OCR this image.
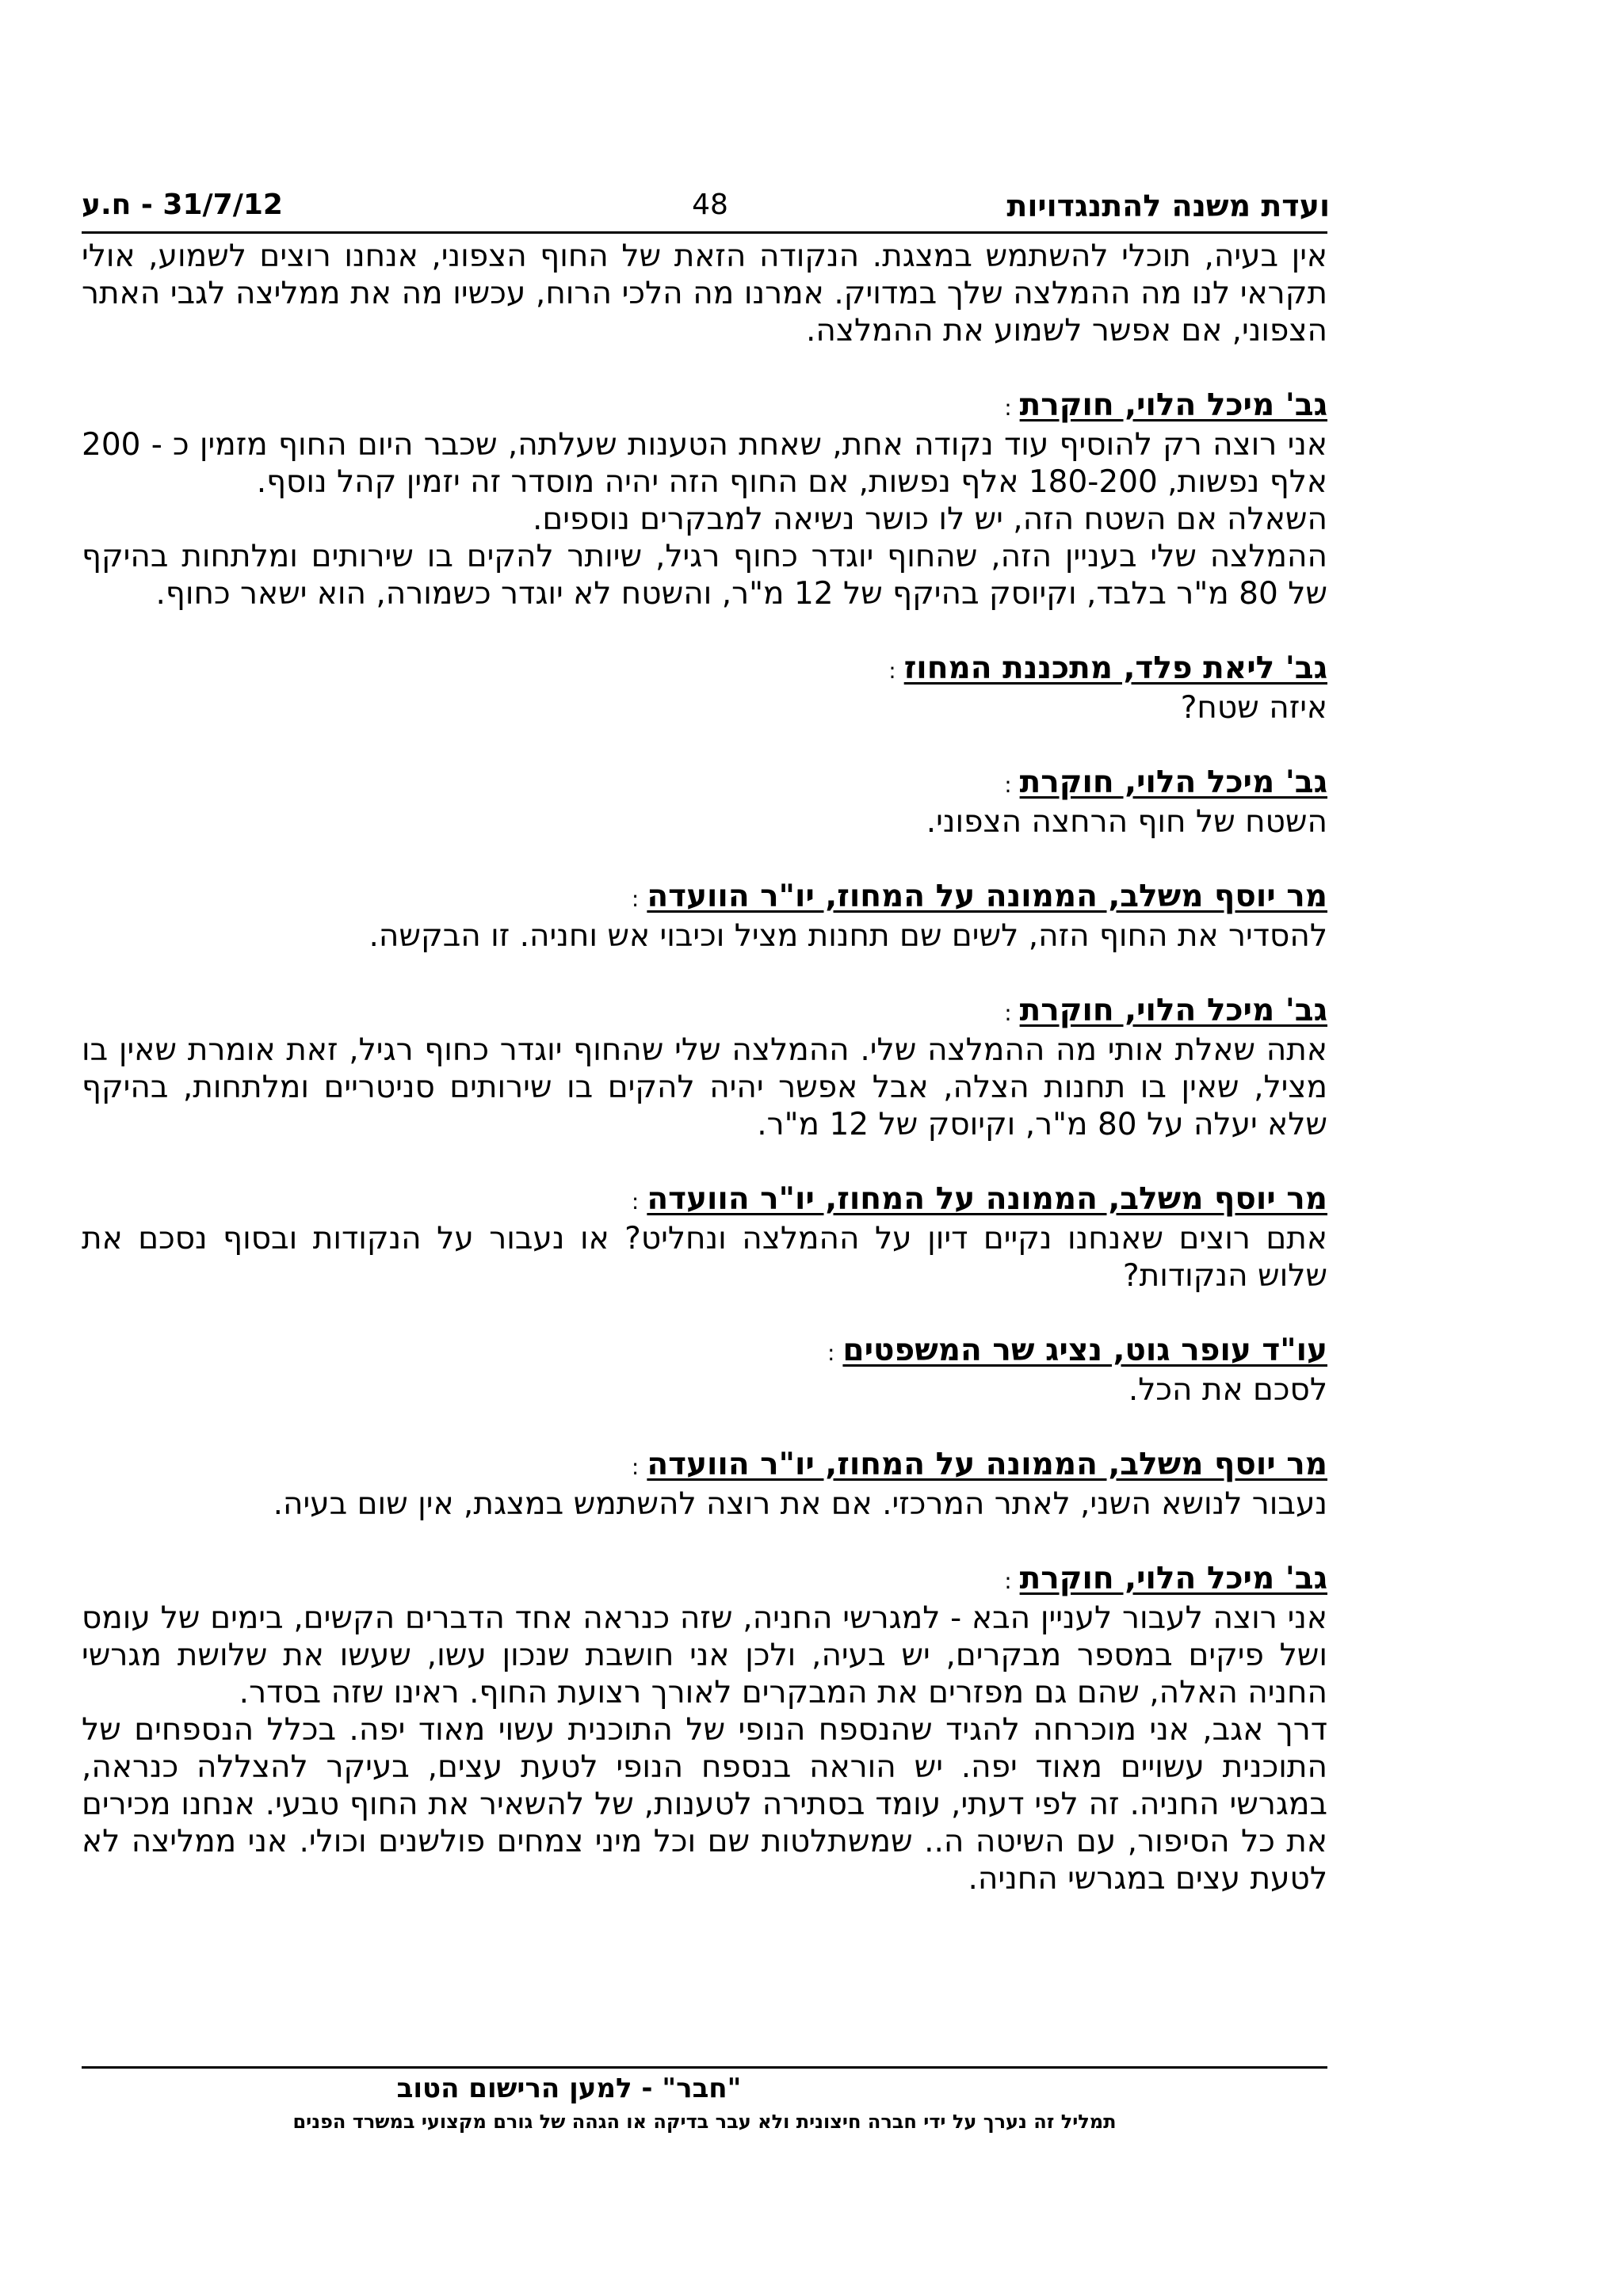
ועדת משנה להתנגדויות
48
31/7/12 - ח.ע

אין בעיה, תוכלי להשתמש במצגת. הנקודה הזאת של החוף הצפוני, אנחנו רוצים לשמוע, אולי תקראי לנו מה ההמלצה שלך במדויק. אמרנו מה הלכי הרוח, עכשיו מה את ממליצה לגבי האתר הצפוני, אם אפשר לשמוע את ההמלצה.

גב' מיכל הלוי, חוקרת:

אני רוצה רק להוסיף עוד נקודה אחת, שאחת הטענות שעלתה, שכבר היום החוף מזמין כ - 200 אלף נפשות, 180-200 אלף נפשות, אם החוף הזה יהיה מוסדר זה יזמין קהל נוסף.

השאלה אם השטח הזה, יש לו כושר נשיאה למבקרים נוספים.

ההמלצה שלי בעניין הזה, שהחוף יוגדר כחוף רגיל, שיותר להקים בו שירותים ומלתחות בהיקף של 80 מ"ר בלבד, וקיוסק בהיקף של 12 מ"ר, והשטח לא יוגדר כשמורה, הוא ישאר כחוף.

גב' ליאת פלד, מתכננת המחוז:

איזה שטח?

גב' מיכל הלוי, חוקרת:

השטח של חוף הרחצה הצפוני.

מר יוסף משלב, הממונה על המחוז, יו"ר הוועדה:

להסדיר את החוף הזה, לשים שם תחנות מציל וכיבוי אש וחניה. זו הבקשה.

גב' מיכל הלוי, חוקרת:

אתה שאלת אותי מה ההמלצה שלי. ההמלצה שלי שהחוף יוגדר כחוף רגיל, זאת אומרת שאין בו מציל, שאין בו תחנות הצלה, אבל אפשר יהיה להקים בו שירותים סניטריים ומלתחות, בהיקף שלא יעלה על 80 מ"ר, וקיוסק של 12 מ"ר.

מר יוסף משלב, הממונה על המחוז, יו"ר הוועדה:

אתם רוצים שאנחנו נקיים דיון על ההמלצה ונחליט? או נעבור על הנקודות ובסוף נסכם את שלוש הנקודות?

עו"ד עופר גוט, נציג שר המשפטים:

לסכם את הכל.

מר יוסף משלב, הממונה על המחוז, יו"ר הוועדה:

נעבור לנושא השני, לאתר המרכזי. אם את רוצה להשתמש במצגת, אין שום בעיה.

גב' מיכל הלוי, חוקרת:

אני רוצה לעבור לעניין הבא - למגרשי החניה, שזה כנראה אחד הדברים הקשים, בימים של עומס ושל פיקים במספר מבקרים, יש בעיה, ולכן אני חושבת שנכון עשו, שעשו את שלושת מגרשי החניה האלה, שהם גם מפזרים את המבקרים לאורך רצועת החוף. ראינו שזה בסדר.

דרך אגב, אני מוכרחה להגיד שהנספח הנופי של התוכנית עשוי מאוד יפה. בכלל הנספחים של התוכנית עשויים מאוד יפה. יש הוראה בנספח הנופי לטעת עצים, בעיקר להצללה כנראה, במגרשי החניה. זה לפי דעתי, עומד בסתירה לטענות, של להשאיר את החוף טבעי. אנחנו מכירים את כל הסיפור, עם השיטה ה.. שמשתלטות שם וכל מיני צמחים פולשנים וכולי. אני ממליצה לא לטעת עצים במגרשי החניה.

"חבר" - למען הרישום הטוב
תמליל זה נערך על ידי חברה חיצונית ולא עבר בדיקה או הגהה של גורם מקצועי במשרד הפנים
